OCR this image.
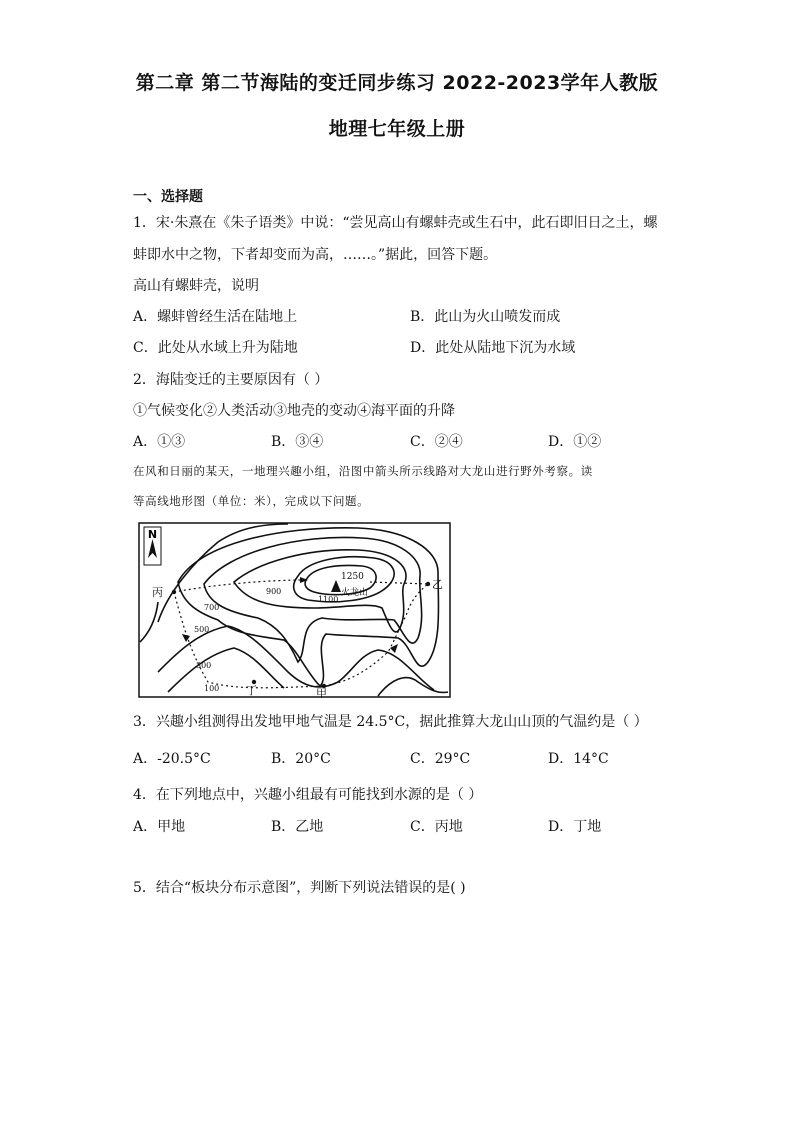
第二章 第二节海陆的变迁同步练习 2022-2023学年人教版
地理七年级上册
一、选择题
1．宋·朱熹在《朱子语类》中说：“尝见高山有螺蚌壳或生石中，此石即旧日之土，螺
蚌即水中之物，下者却变而为高，……。”据此，回答下题。
高山有螺蚌壳，说明
A．螺蚌曾经生活在陆地上	B．此山为火山喷发而成
C．此处从水域上升为陆地	D．此处从陆地下沉为水域
2．海陆变迁的主要原因有（ ）
①气候变化②人类活动③地壳的变动④海平面的升降
A．①③	B．③④	C．②④	D．①②
在风和日丽的某天，一地理兴趣小组，沿图中箭头所示线路对大龙山进行野外考察。读
等高线地形图（单位：米），完成以下问题。
N
1250
火龙山
1100
900
700
500
300
100
丙
乙
丁	甲
3．兴趣小组测得出发地甲地气温是 24.5°C，据此推算大龙山山顶的气温约是（ ）
A．-20.5°C	B．20°C	C．29°C	D．14°C
4．在下列地点中，兴趣小组最有可能找到水源的是（ ）
A．甲地	B．乙地	C．丙地	D．丁地
5．结合“板块分布示意图”，判断下列说法错误的是( )
